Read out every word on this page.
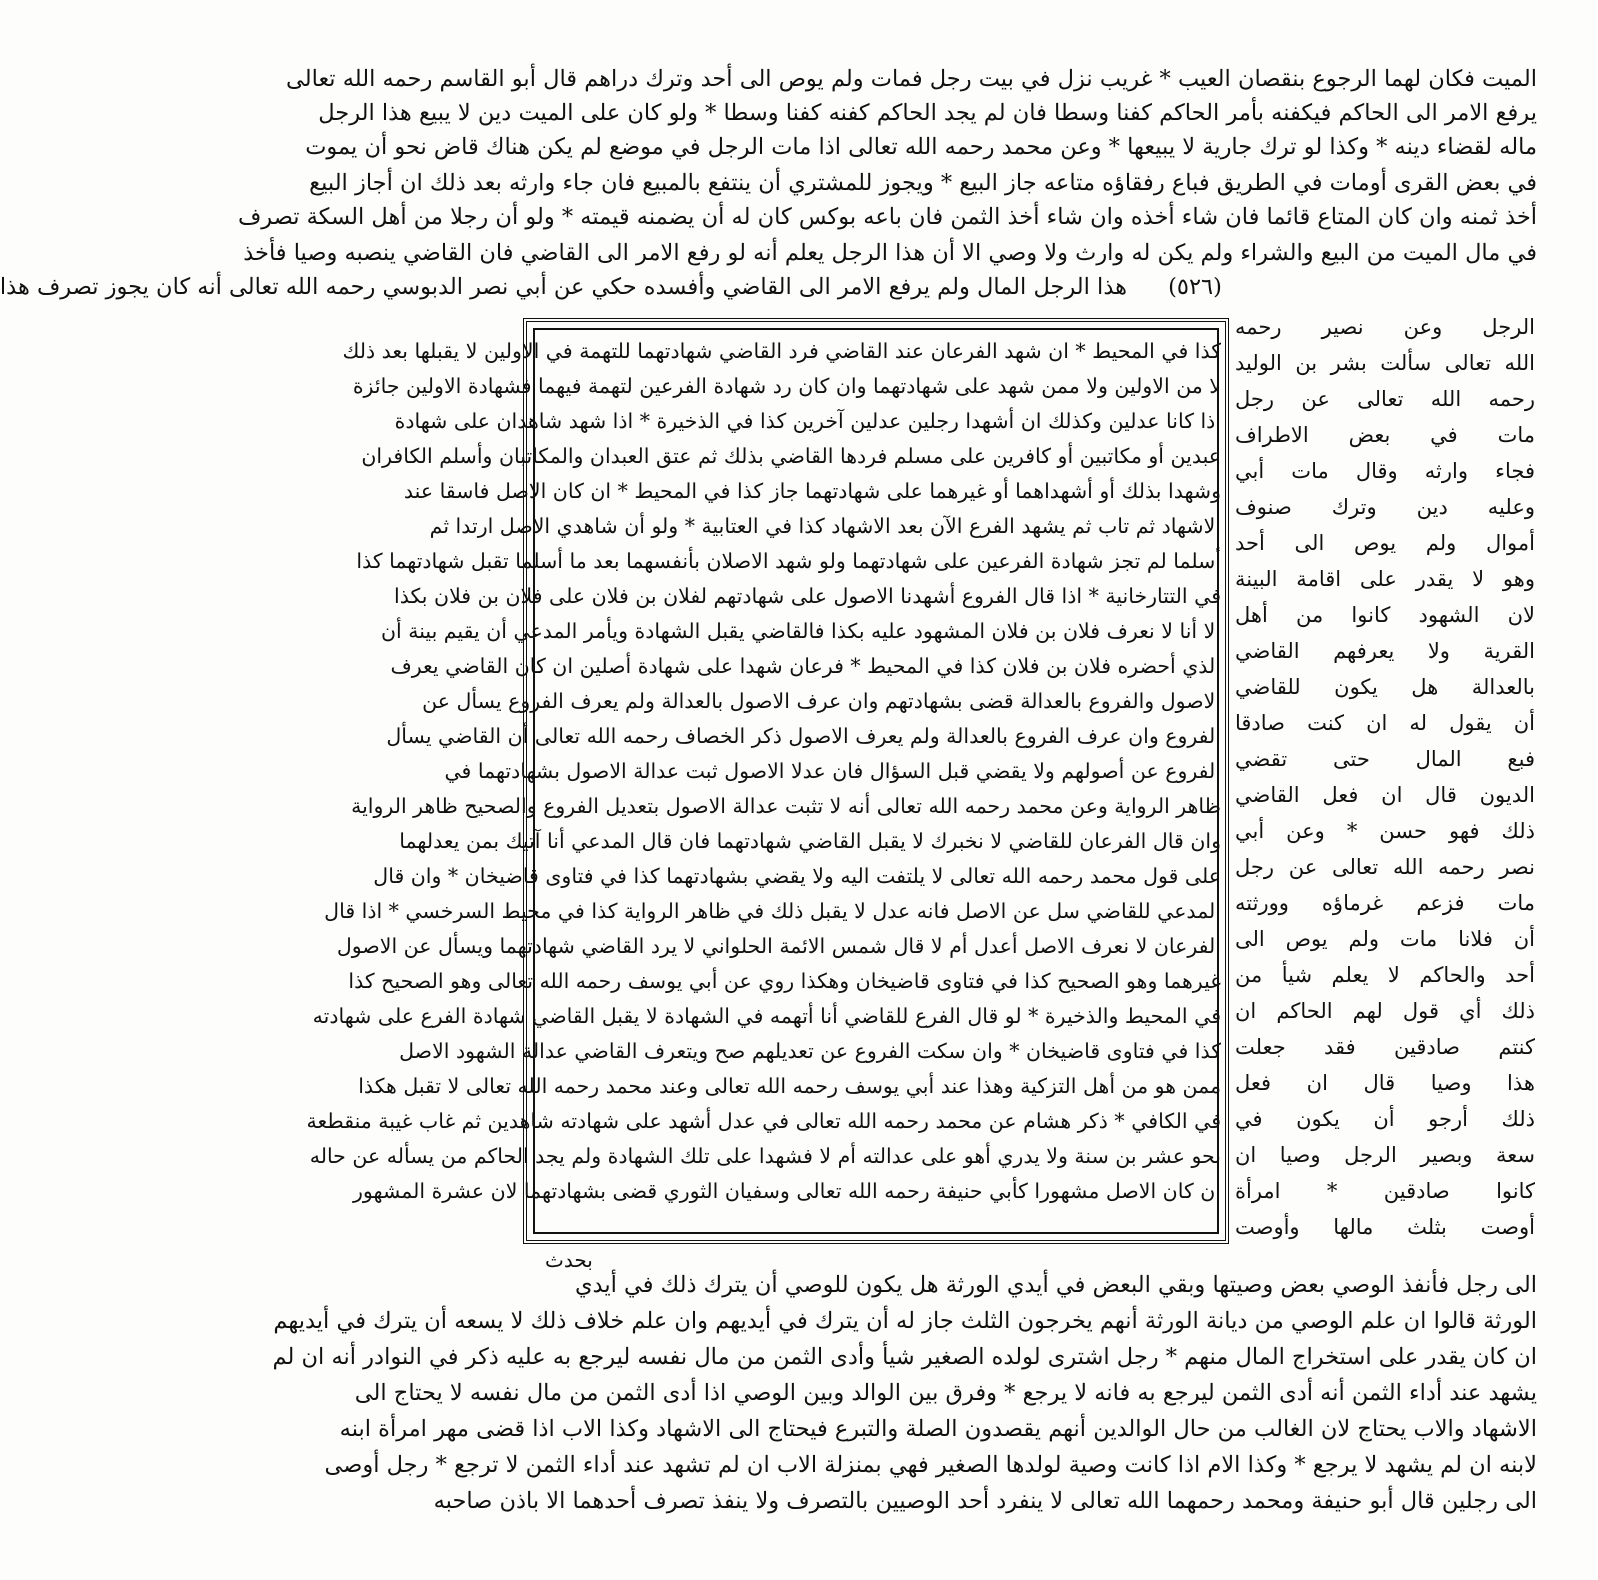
الميت فكان لهما الرجوع بنقصان العيب * غريب نزل في بيت رجل فمات ولم يوص الى أحد وترك دراهم قال أبو القاسم رحمه الله تعالى
يرفع الامر الى الحاكم فيكفنه بأمر الحاكم كفنا وسطا فان لم يجد الحاكم كفنه كفنا وسطا * ولو كان على الميت دين لا يبيع هذا الرجل
ماله لقضاء دينه * وكذا لو ترك جارية لا يبيعها * وعن محمد رحمه الله تعالى اذا مات الرجل في موضع لم يكن هناك قاض نحو أن يموت
في بعض القرى أومات في الطريق فباع رفقاؤه متاعه جاز البيع * ويجوز للمشتري أن ينتفع بالمبيع فان جاء وارثه بعد ذلك ان أجاز البيع
أخذ ثمنه وان كان المتاع قائما فان شاء أخذه وان شاء أخذ الثمن فان باعه بوكس كان له أن يضمنه قيمته * ولو أن رجلا من أهل السكة تصرف
في مال الميت من البيع والشراء ولم يكن له وارث ولا وصي الا أن هذا الرجل يعلم أنه لو رفع الامر الى القاضي فان القاضي ينصبه وصيا فأخذ
هذا الرجل المال ولم يرفع الامر الى القاضي وأفسده حكي عن أبي نصر الدبوسي رحمه الله تعالى أنه كان يجوز تصرف هذا	(٥٢٦)
الرجل وعن نصير رحمه
الله تعالى سألت بشر بن الوليد
رحمه الله تعالى عن رجل
مات في بعض الاطراف
فجاء وارثه وقال مات أبي
وعليه دين وترك صنوف
أموال ولم يوص الى أحد
وهو لا يقدر على اقامة البينة
لان الشهود كانوا من أهل
القرية ولا يعرفهم القاضي
بالعدالة هل يكون للقاضي
أن يقول له ان كنت صادقا
فبع المال حتى تقضي
الديون قال ان فعل القاضي
ذلك فهو حسن * وعن أبي
نصر رحمه الله تعالى عن رجل
مات فزعم غرماؤه وورثته
أن فلانا مات ولم يوص الى
أحد والحاكم لا يعلم شيأ من
ذلك أي قول لهم الحاكم ان
كنتم صادقين فقد جعلت
هذا وصيا قال ان فعل
ذلك أرجو أن يكون في
سعة وبصير الرجل وصيا ان
كانوا صادقين * امرأة
أوصت بثلث مالها وأوصت
كذا في المحيط * ان شهد الفرعان عند القاضي فرد القاضي شهادتهما للتهمة في الاولين لا يقبلها بعد ذلك
لا من الاولين ولا ممن شهد على شهادتهما وان كان رد شهادة الفرعين لتهمة فيهما فشهادة الاولين جائزة
اذا كانا عدلين وكذلك ان أشهدا رجلين عدلين آخرين كذا في الذخيرة * اذا شهد شاهدان على شهادة
عبدين أو مكاتبين أو كافرين على مسلم فردها القاضي بذلك ثم عتق العبدان والمكاتبان وأسلم الكافران
وشهدا بذلك أو أشهداهما أو غيرهما على شهادتهما جاز كذا في المحيط * ان كان الاصل فاسقا عند
الاشهاد ثم تاب ثم يشهد الفرع الآن بعد الاشهاد كذا في العتابية * ولو أن شاهدي الاصل ارتدا ثم
أسلما لم تجز شهادة الفرعين على شهادتهما ولو شهد الاصلان بأنفسهما بعد ما أسلما تقبل شهادتهما كذا
في التتارخانية * اذا قال الفروع أشهدنا الاصول على شهادتهم لفلان بن فلان على فلان بن فلان بكذا
الا أنا لا نعرف فلان بن فلان المشهود عليه بكذا فالقاضي يقبل الشهادة ويأمر المدعي أن يقيم بينة أن
الذي أحضره فلان بن فلان كذا في المحيط * فرعان شهدا على شهادة أصلين ان كان القاضي يعرف
الاصول والفروع بالعدالة قضى بشهادتهم وان عرف الاصول بالعدالة ولم يعرف الفروع يسأل عن
الفروع وان عرف الفروع بالعدالة ولم يعرف الاصول ذكر الخصاف رحمه الله تعالى أن القاضي يسأل
الفروع عن أصولهم ولا يقضي قبل السؤال فان عدلا الاصول ثبت عدالة الاصول بشهادتهما في
ظاهر الرواية وعن محمد رحمه الله تعالى أنه لا تثبت عدالة الاصول بتعديل الفروع والصحيح ظاهر الرواية
وان قال الفرعان للقاضي لا نخبرك لا يقبل القاضي شهادتهما فان قال المدعي أنا آتيك بمن يعدلهما
على قول محمد رحمه الله تعالى لا يلتفت اليه ولا يقضي بشهادتهما كذا في فتاوى قاضيخان * وان قال
المدعي للقاضي سل عن الاصل فانه عدل لا يقبل ذلك في ظاهر الرواية كذا في محيط السرخسي * اذا قال
الفرعان لا نعرف الاصل أعدل أم لا قال شمس الائمة الحلواني لا يرد القاضي شهادتهما ويسأل عن الاصول
غيرهما وهو الصحيح كذا في فتاوى قاضيخان وهكذا روي عن أبي يوسف رحمه الله تعالى وهو الصحيح كذا
في المحيط والذخيرة * لو قال الفرع للقاضي أنا أتهمه في الشهادة لا يقبل القاضي شهادة الفرع على شهادته
كذا في فتاوى قاضيخان * وان سكت الفروع عن تعديلهم صح ويتعرف القاضي عدالة الشهود الاصل
ممن هو من أهل التزكية وهذا عند أبي يوسف رحمه الله تعالى وعند محمد رحمه الله تعالى لا تقبل هكذا
في الكافي * ذكر هشام عن محمد رحمه الله تعالى في عدل أشهد على شهادته شاهدين ثم غاب غيبة منقطعة
نحو عشر بن سنة ولا يدري أهو على عدالته أم لا فشهدا على تلك الشهادة ولم يجد الحاكم من يسأله عن حاله
ان كان الاصل مشهورا كأبي حنيفة رحمه الله تعالى وسفيان الثوري قضى بشهادتهما لان عشرة المشهور
بحدث
الى رجل فأنفذ الوصي بعض وصيتها وبقي البعض في أيدي الورثة هل يكون للوصي أن يترك ذلك في أيدي
الورثة قالوا ان علم الوصي من ديانة الورثة أنهم يخرجون الثلث جاز له أن يترك في أيديهم وان علم خلاف ذلك لا يسعه أن يترك في أيديهم
ان كان يقدر على استخراج المال منهم * رجل اشترى لولده الصغير شيأ وأدى الثمن من مال نفسه ليرجع به عليه ذكر في النوادر أنه ان لم
يشهد عند أداء الثمن أنه أدى الثمن ليرجع به فانه لا يرجع * وفرق بين الوالد وبين الوصي اذا أدى الثمن من مال نفسه لا يحتاج الى
الاشهاد والاب يحتاج لان الغالب من حال الوالدين أنهم يقصدون الصلة والتبرع فيحتاج الى الاشهاد وكذا الاب اذا قضى مهر امرأة ابنه
لابنه ان لم يشهد لا يرجع * وكذا الام اذا كانت وصية لولدها الصغير فهي بمنزلة الاب ان لم تشهد عند أداء الثمن لا ترجع * رجل أوصى
الى رجلين قال أبو حنيفة ومحمد رحمهما الله تعالى لا ينفرد أحد الوصيين بالتصرف ولا ينفذ تصرف أحدهما الا باذن صاحبه
